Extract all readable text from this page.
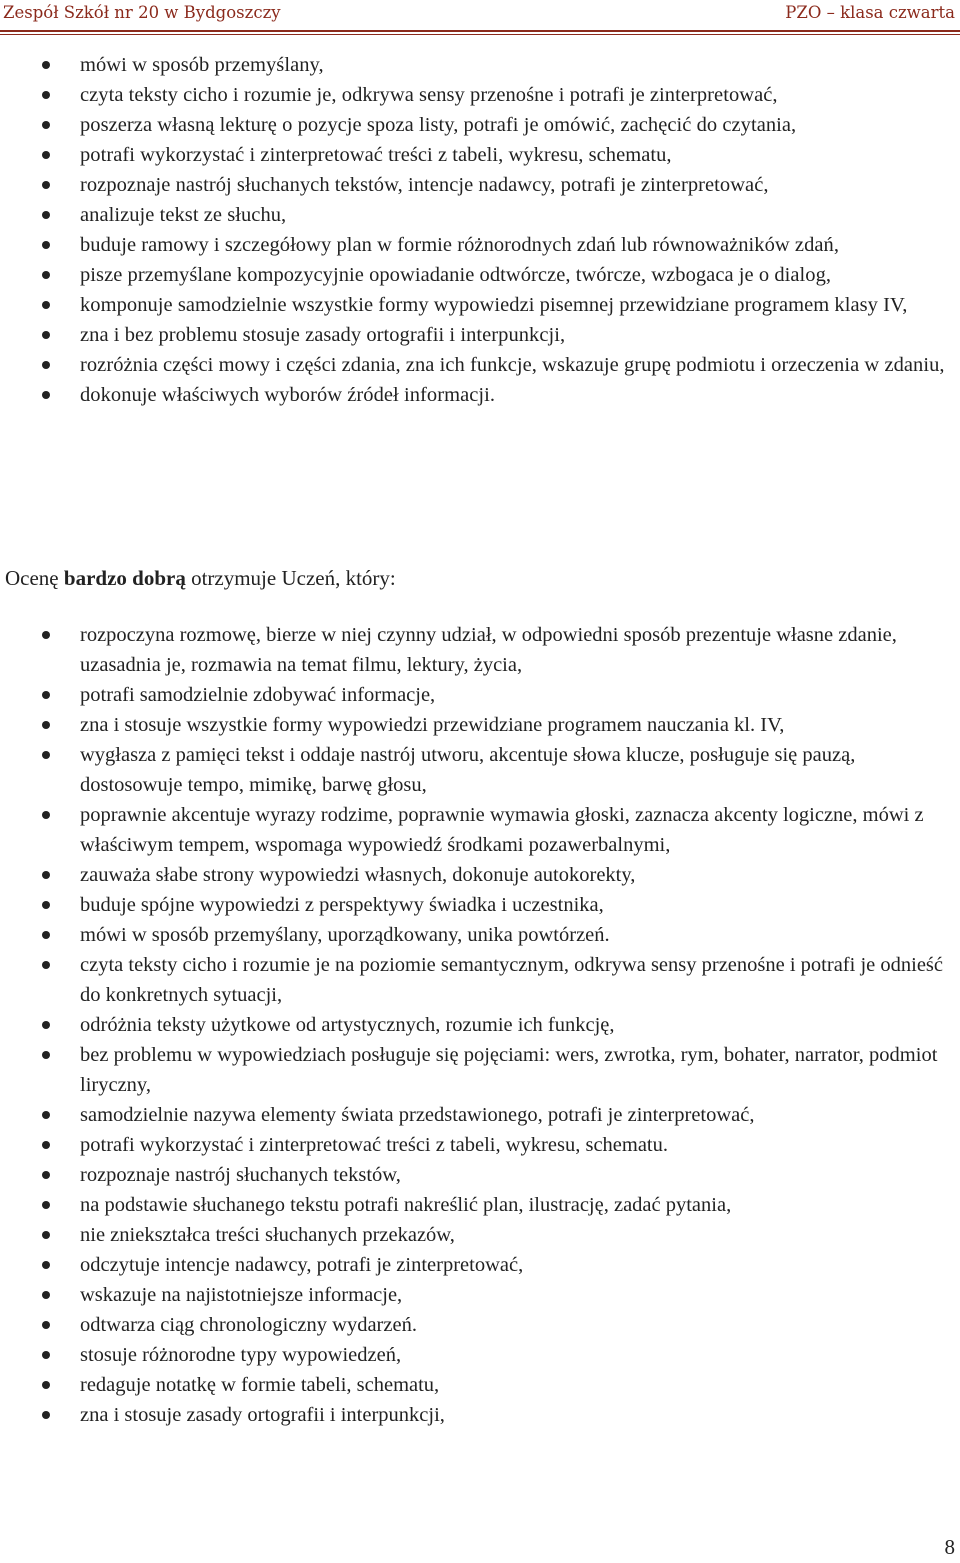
Zespół Szkół nr 20 w Bydgoszczy	PZO – klasa czwarta
mówi w sposób przemyślany,
czyta teksty cicho i rozumie je, odkrywa sensy przenośne i potrafi je zinterpretować,
poszerza własną lekturę o pozycje spoza listy, potrafi je omówić, zachęcić do czytania,
potrafi wykorzystać i zinterpretować treści z tabeli, wykresu, schematu,
rozpoznaje nastrój słuchanych tekstów, intencje nadawcy, potrafi je zinterpretować,
analizuje tekst ze słuchu,
buduje ramowy i szczegółowy plan w formie różnorodnych zdań lub równoważników zdań,
pisze przemyślane kompozycyjnie opowiadanie odtwórcze, twórcze, wzbogaca je o dialog,
komponuje samodzielnie wszystkie formy wypowiedzi pisemnej przewidziane programem klasy IV,
zna i bez problemu stosuje zasady ortografii i interpunkcji,
rozróżnia części mowy i części zdania, zna ich funkcje, wskazuje grupę podmiotu i orzeczenia w zdaniu,
dokonuje właściwych wyborów źródeł informacji.
Ocenę bardzo dobrą otrzymuje Uczeń, który:
rozpoczyna rozmowę, bierze w niej czynny udział, w odpowiedni sposób prezentuje własne zdanie, uzasadnia je, rozmawia na temat filmu, lektury, życia,
potrafi samodzielnie zdobywać informacje,
zna i stosuje wszystkie formy wypowiedzi przewidziane programem nauczania kl. IV,
wygłasza z pamięci tekst i oddaje nastrój utworu, akcentuje słowa klucze, posługuje się pauzą, dostosowuje tempo, mimikę, barwę głosu,
poprawnie akcentuje wyrazy rodzime, poprawnie wymawia głoski, zaznacza akcenty logiczne, mówi z właściwym tempem, wspomaga wypowiedź środkami pozawerbalnymi,
zauważa słabe strony wypowiedzi własnych, dokonuje autokorekty,
buduje spójne wypowiedzi z perspektywy świadka i uczestnika,
mówi w sposób przemyślany, uporządkowany, unika powtórzeń.
czyta teksty cicho i rozumie je na poziomie semantycznym, odkrywa sensy przenośne i potrafi je odnieść do konkretnych sytuacji,
odróżnia teksty użytkowe od artystycznych, rozumie ich funkcję,
bez problemu w wypowiedziach posługuje się pojęciami: wers, zwrotka, rym, bohater, narrator, podmiot liryczny,
samodzielnie nazywa elementy świata przedstawionego, potrafi je zinterpretować,
potrafi wykorzystać i zinterpretować treści z tabeli, wykresu, schematu.
rozpoznaje nastrój słuchanych tekstów,
na podstawie słuchanego tekstu potrafi nakreślić plan, ilustrację, zadać pytania,
nie zniekształca treści słuchanych przekazów,
odczytuje intencje nadawcy, potrafi je zinterpretować,
wskazuje na najistotniejsze informacje,
odtwarza ciąg chronologiczny wydarzeń.
stosuje różnorodne typy wypowiedzeń,
redaguje notatkę w formie tabeli, schematu,
zna i stosuje zasady ortografii i interpunkcji,
8
